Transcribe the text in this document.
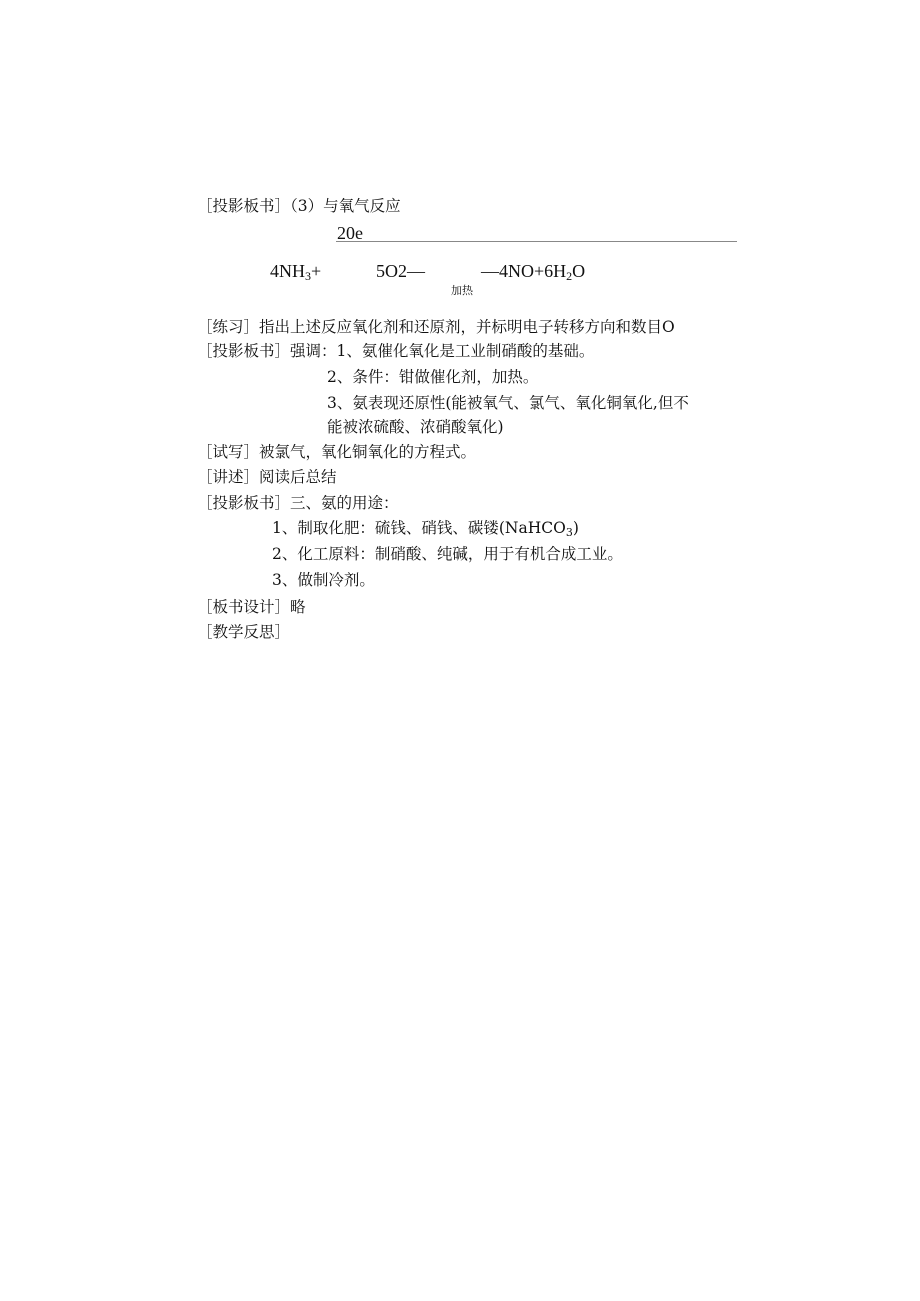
［投影板书］（3）与氧气反应
20e
$4NH_3+$	5O2—	$—4NO+6H_2O$
加热
［练习］指出上述反应氧化剂和还原剂，并标明电子转移方向和数目O
［投影板书］强调：1、氨催化氧化是工业制硝酸的基础。
2、条件：钳做催化剂，加热。
3、氨表现还原性(能被氧气、氯气、氧化铜氧化,但不
能被浓硫酸、浓硝酸氧化)
［试写］被氯气，氧化铜氧化的方程式。
［讲述］阅读后总结
［投影板书］三、氨的用途：
1、制取化肥：硫钱、硝钱、碳镂(NaHCO$_3$)
2、化工原料：制硝酸、纯碱，用于有机合成工业。
3、做制冷剂。
［板书设计］略
［教学反思］
